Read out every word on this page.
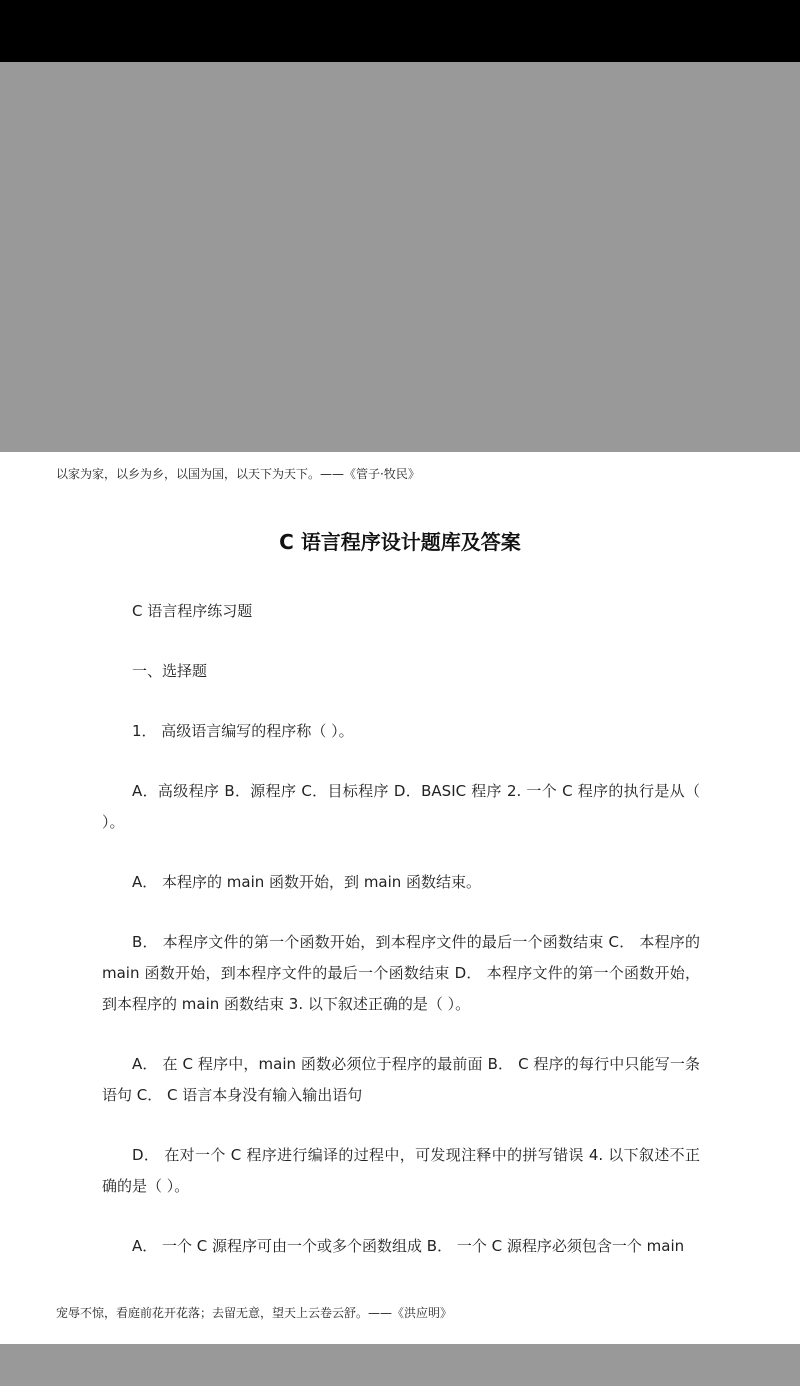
以家为家，以乡为乡，以国为国，以天下为天下。——《管子·牧民》
C 语言程序设计题库及答案

C 语言程序练习题

一、选择题

1． 高级语言编写的程序称（ ）。

A．高级程序 B．源程序 C．目标程序 D．BASIC 程序 2. 一个 C 程序的执行是从（ ）。

A． 本程序的 main 函数开始，到 main 函数结束。

B． 本程序文件的第一个函数开始，到本程序文件的最后一个函数结束 C． 本程序的 main 函数开始，到本程序文件的最后一个函数结束 D． 本程序文件的第一个函数开始，到本程序的 main 函数结束 3. 以下叙述正确的是（ ）。

A． 在 C 程序中，main 函数必须位于程序的最前面 B． C 程序的每行中只能写一条语句 C． C 语言本身没有输入输出语句

D． 在对一个 C 程序进行编译的过程中，可发现注释中的拼写错误 4. 以下叙述不正确的是（ ）。

A． 一个 C 源程序可由一个或多个函数组成 B． 一个 C 源程序必须包含一个 main

宠辱不惊，看庭前花开花落；去留无意，望天上云卷云舒。——《洪应明》
